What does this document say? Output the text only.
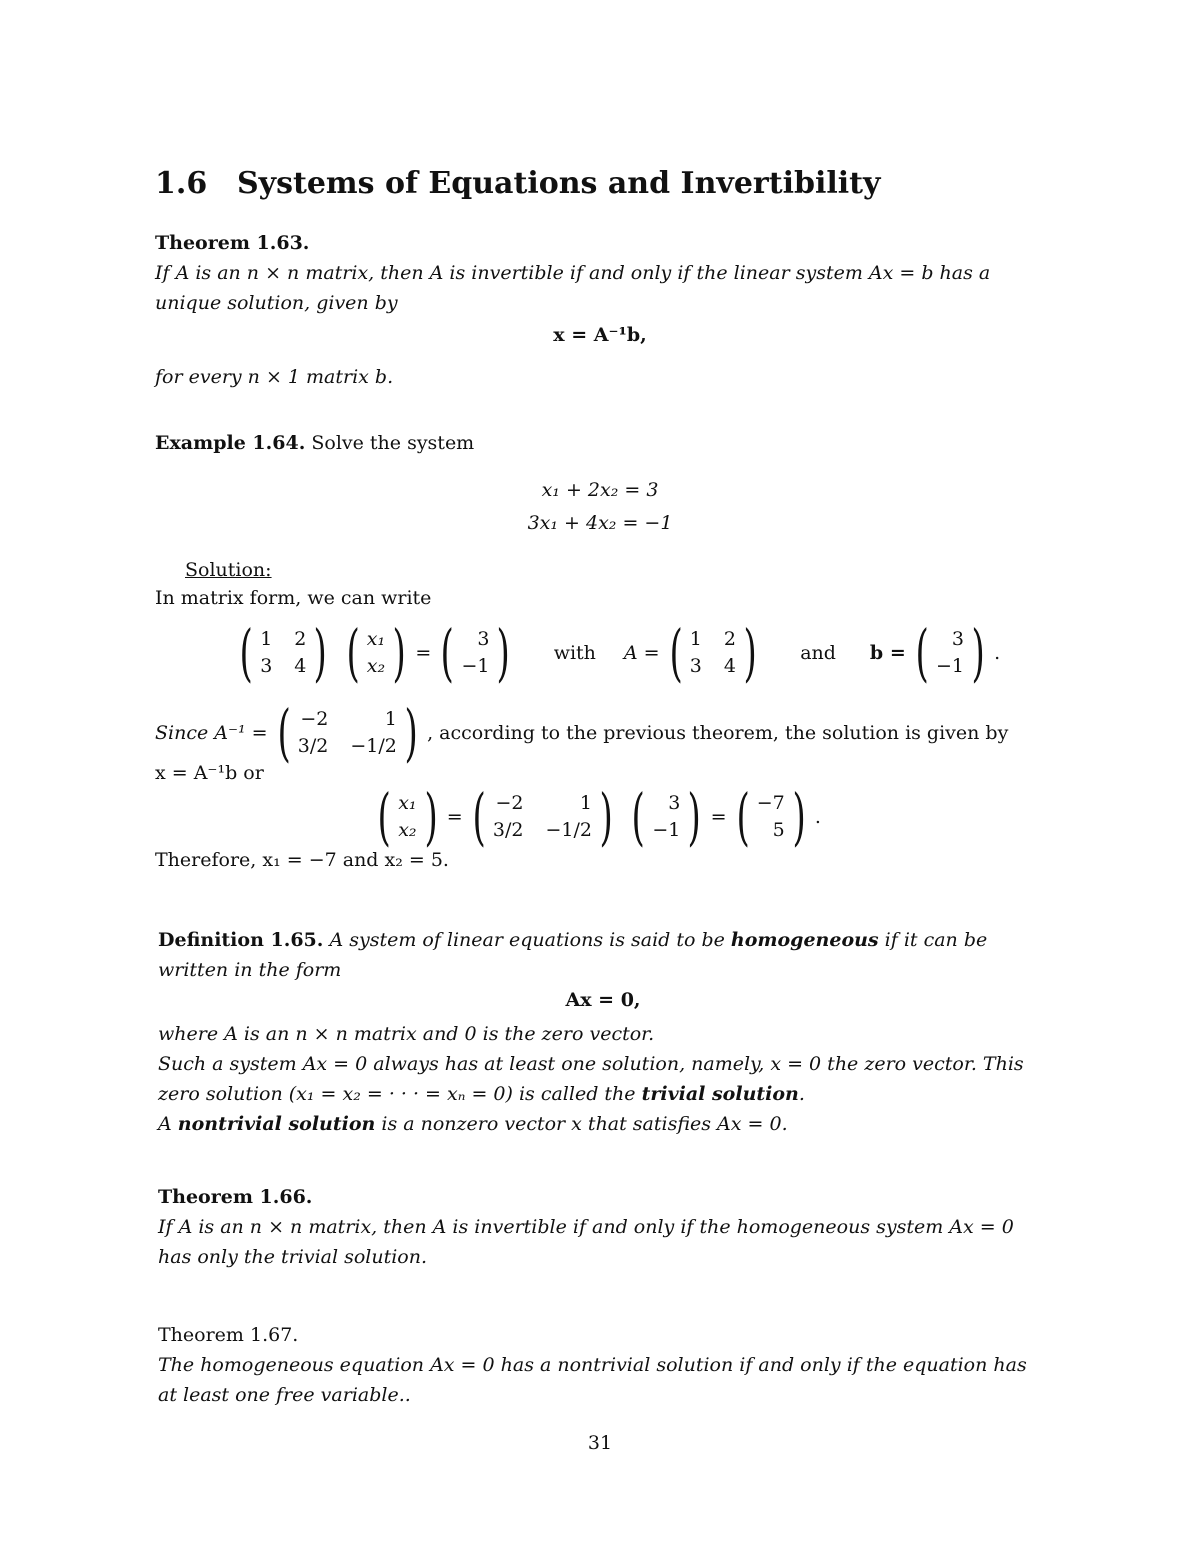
1.6 Systems of Equations and Invertibility

Theorem 1.63.

If A is an n × n matrix, then A is invertible if and only if the linear system Ax = b has a unique solution, given by

x = A⁻¹b,

for every n × 1 matrix b.

Example 1.64. Solve the system

x₁ + 2x₂ = 3
3x₁ + 4x₂ = −1

Solution:

In matrix form, we can write

( 1 2
3 4 ) ( x₁
x₂ ) = (	3
−1 ) with A = ( 1 2
3 4 ) and b = (	3
−1 ) .
Since A⁻¹ = ( −2	1
3/2 −1/2 ) , according to the previous theorem, the solution is given by

x = A⁻¹b or

( x₁
x₂ ) = ( −2	1
3/2 −1/2 ) (	3
−1 ) = ( −7
5 ) .

Therefore, x₁ = −7 and x₂ = 5.

Definition 1.65. A system of linear equations is said to be homogeneous if it can be written in the form

Ax = 0,

where A is an n × n matrix and 0 is the zero vector.

Such a system Ax = 0 always has at least one solution, namely, x = 0 the zero vector. This zero solution (x₁ = x₂ = · · · = xₙ = 0) is called the trivial solution.

A nontrivial solution is a nonzero vector x that satisfies Ax = 0.

Theorem 1.66.

If A is an n × n matrix, then A is invertible if and only if the homogeneous system Ax = 0 has only the trivial solution.

Theorem 1.67.

The homogeneous equation Ax = 0 has a nontrivial solution if and only if the equation has at least one free variable..

31
